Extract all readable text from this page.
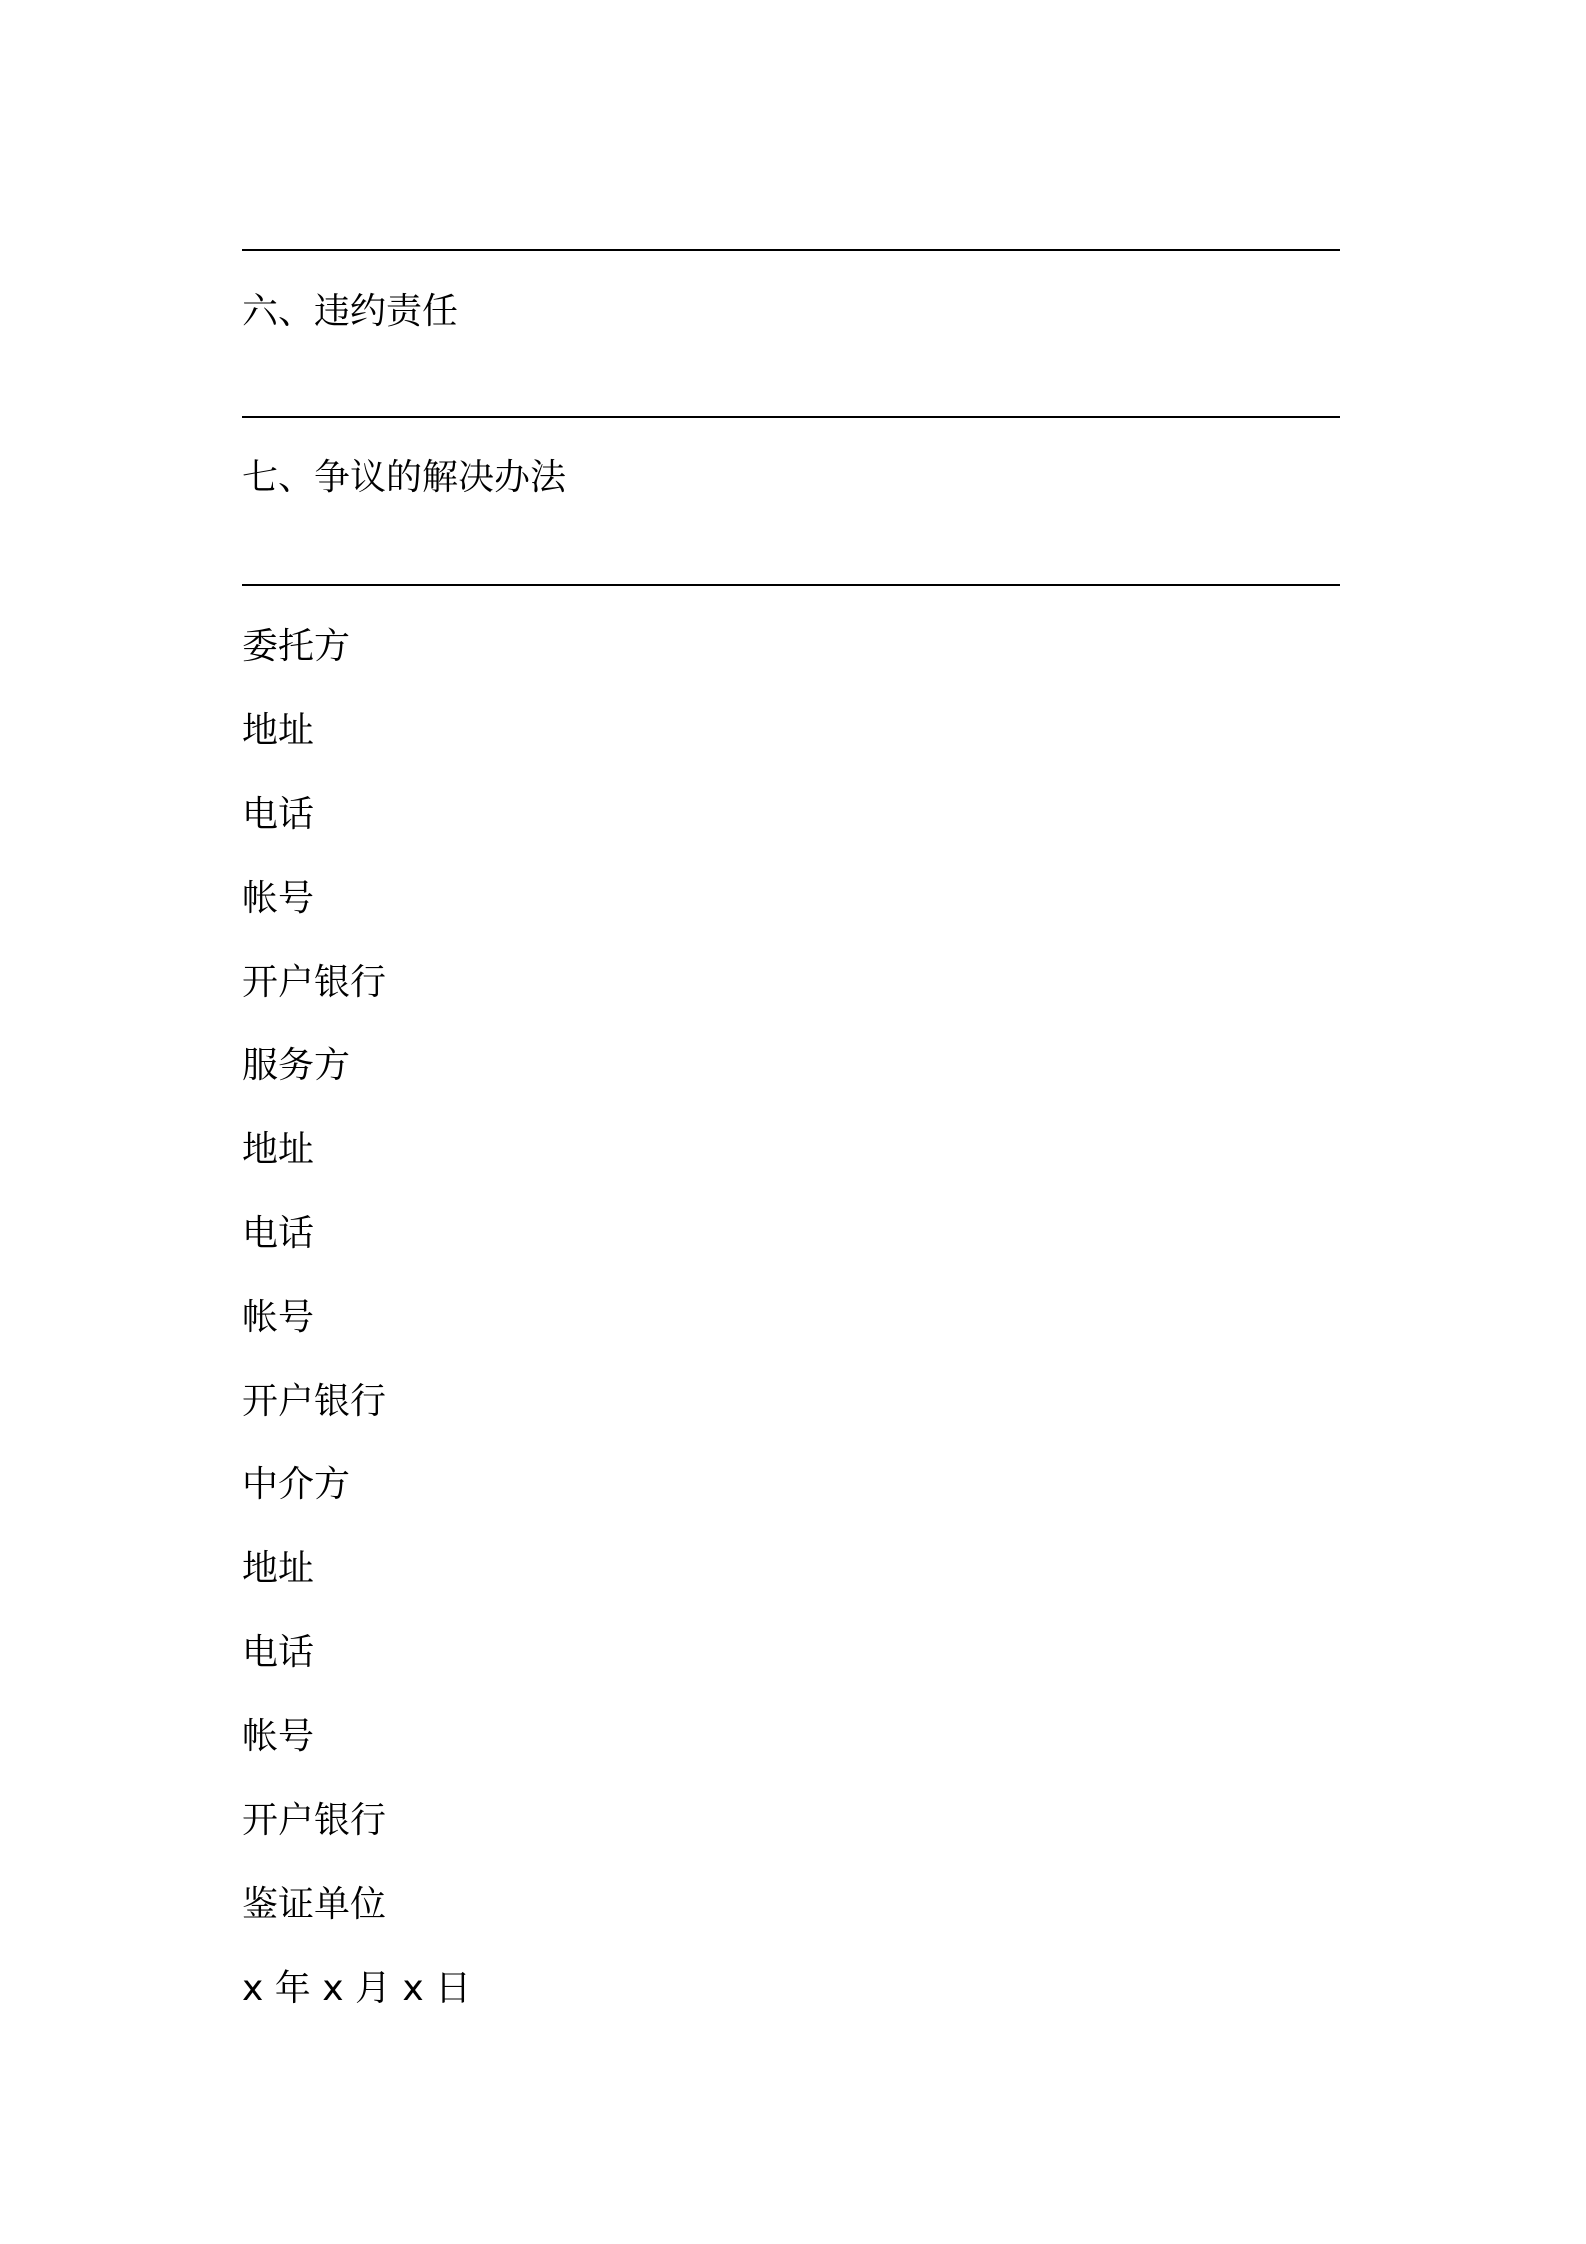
六、违约责任
七、争议的解决办法
委托方
地址
电话
帐号
开户银行
服务方
地址
电话
帐号
开户银行
中介方
地址
电话
帐号
开户银行
鉴证单位
x 年 x 月 x 日
